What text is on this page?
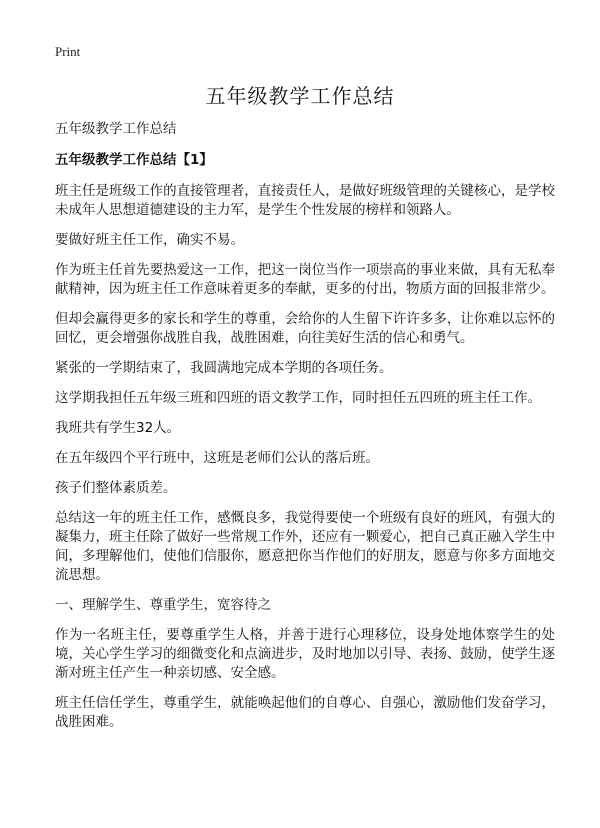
Print
五年级教学工作总结

五年级教学工作总结

五年级教学工作总结【1】

班主任是班级工作的直接管理者，直接责任人，是做好班级管理的关键核心，是学校未成年人思想道德建设的主力军，是学生个性发展的榜样和领路人。

要做好班主任工作，确实不易。

作为班主任首先要热爱这一工作，把这一岗位当作一项崇高的事业来做，具有无私奉献精神，因为班主任工作意味着更多的奉献，更多的付出，物质方面的回报非常少。

但却会赢得更多的家长和学生的尊重，会给你的人生留下许许多多，让你难以忘怀的回忆，更会增强你战胜自我，战胜困难，向往美好生活的信心和勇气。

紧张的一学期结束了，我圆满地完成本学期的各项任务。

这学期我担任五年级三班和四班的语文教学工作，同时担任五四班的班主任工作。

我班共有学生32人。

在五年级四个平行班中，这班是老师们公认的落后班。

孩子们整体素质差。

总结这一年的班主任工作，感慨良多，我觉得要使一个班级有良好的班风，有强大的凝集力，班主任除了做好一些常规工作外，还应有一颗爱心，把自己真正融入学生中间，多理解他们，使他们信服你，愿意把你当作他们的好朋友，愿意与你多方面地交流思想。

一、理解学生、尊重学生，宽容待之

作为一名班主任，要尊重学生人格，并善于进行心理移位，设身处地体察学生的处境，关心学生学习的细微变化和点滴进步，及时地加以引导、表扬、鼓励，使学生逐渐对班主任产生一种亲切感、安全感。

班主任信任学生，尊重学生，就能唤起他们的自尊心、自强心，激励他们发奋学习，战胜困难。
